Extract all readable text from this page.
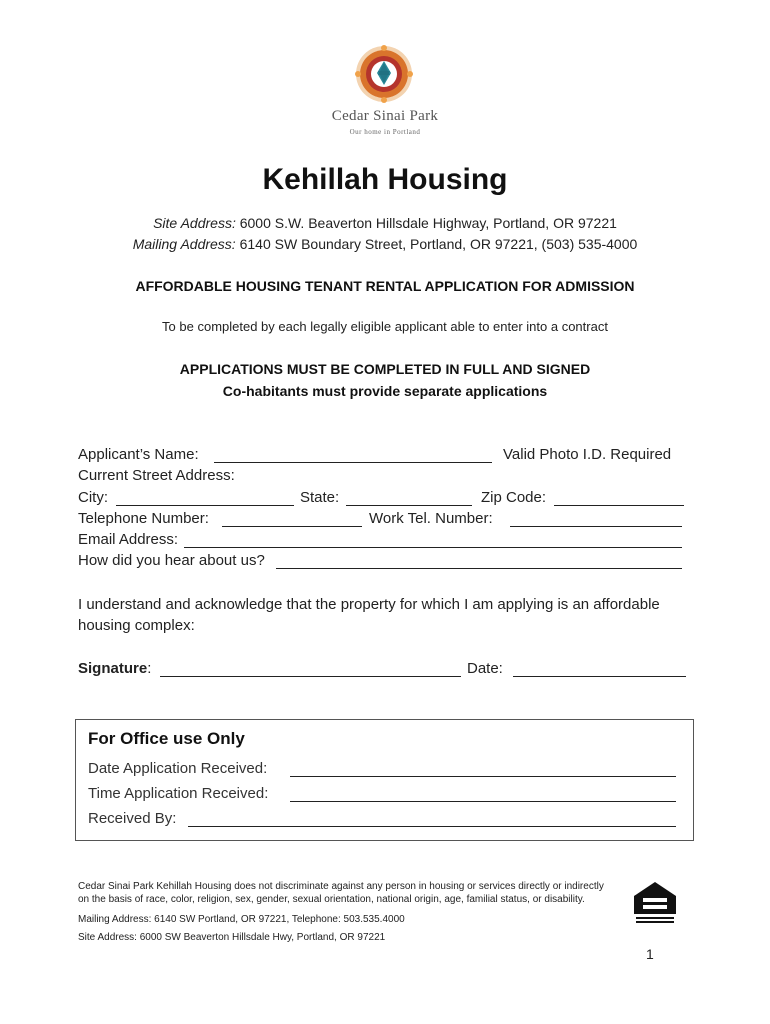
Cedar Sinai Park
Our home in Portland
Kehillah Housing
Site Address: 6000 S.W. Beaverton Hillsdale Highway, Portland, OR 97221
Mailing Address: 6140 SW Boundary Street, Portland, OR 97221, (503) 535-4000
AFFORDABLE HOUSING TENANT RENTAL APPLICATION FOR ADMISSION
To be completed by each legally eligible applicant able to enter into a contract
APPLICATIONS MUST BE COMPLETED IN FULL AND SIGNED
Co-habitants must provide separate applications
Applicant’s Name:	Valid Photo I.D. Required
Current Street Address:
City:	State:	Zip Code:
Telephone Number:	Work Tel. Number:
Email Address:
How did you hear about us?
I understand and acknowledge that the property for which I am applying is an affordable housing complex:
Signature:	Date:
For Office use Only
Date Application Received:
Time Application Received:
Received By:
Cedar Sinai Park Kehillah Housing does not discriminate against any person in housing or services directly or indirectly
on the basis of race, color, religion, sex, gender, sexual orientation, national origin, age, familial status, or disability.
Mailing Address: 6140 SW Portland, OR 97221, Telephone: 503.535.4000
Site Address: 6000 SW Beaverton Hillsdale Hwy, Portland, OR 97221
1
